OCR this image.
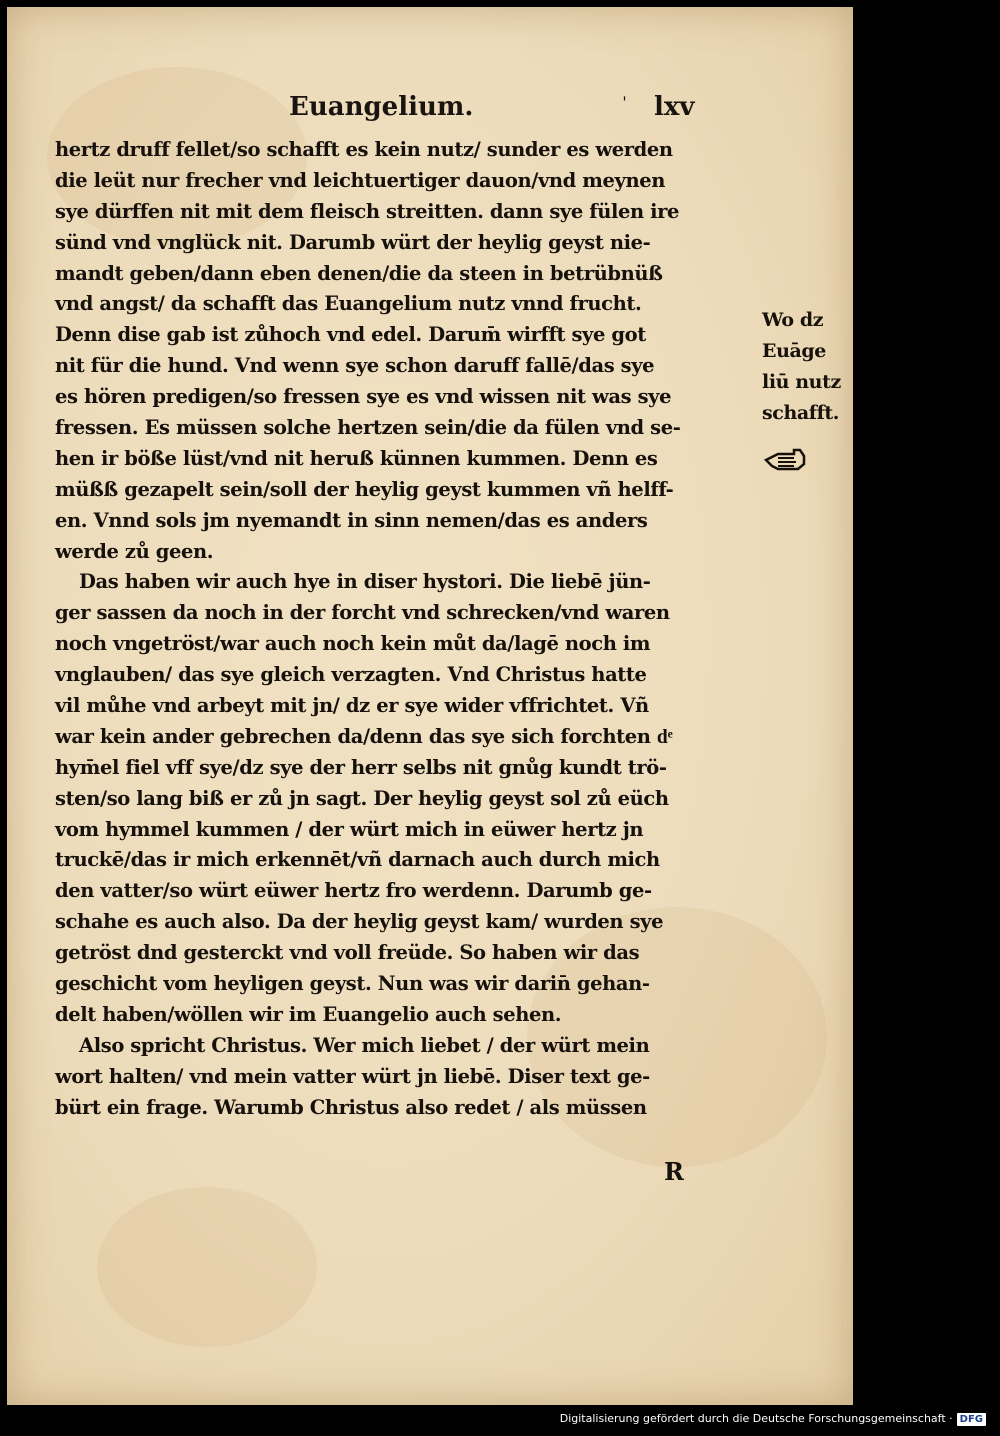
Euangelium.	ˈ lxv
hertz druff fellet/so schafft es kein nutz/ sunder es werden
die leüt nur frecher vnd leichtuertiger dauon/vnd meynen
sye dürffen nit mit dem fleisch streitten. dann sye fülen ire
sünd vnd vnglück nit. Darumb würt der heylig geyst nie-
mandt geben/dann eben denen/die da steen in betrübnüß
vnd angst/ da schafft das Euangelium nutz vnnd frucht.
Denn dise gab ist zůhoch vnd edel. Darum̄ wirfft sye got
nit für die hund. Vnd wenn sye schon daruff fallē/das sye
es hören predigen/so fressen sye es vnd wissen nit was sye
fressen. Es müssen solche hertzen sein/die da fülen vnd se-
hen ir böße lüst/vnd nit heruß künnen kummen. Denn es
müßß gezapelt sein/soll der heylig geyst kummen vñ helff-
en. Vnnd sols jm nyemandt in sinn nemen/das es anders
werde zů geen.
Das haben wir auch hye in diser hystori. Die liebē jün-
ger sassen da noch in der forcht vnd schrecken/vnd waren
noch vngetröst/war auch noch kein můt da/lagē noch im
vnglauben/ das sye gleich verzagten. Vnd Christus hatte
vil můhe vnd arbeyt mit jn/ dz er sye wider vffrichtet. Vñ
war kein ander gebrechen da/denn das sye sich forchten dͤ
hym̄el fiel vff sye/dz sye der herr selbs nit gnůg kundt trö-
sten/so lang biß er zů jn sagt. Der heylig geyst sol zů eüch
vom hymmel kummen / der würt mich in eüwer hertz jn
truckē/das ir mich erkennēt/vñ darnach auch durch mich
den vatter/so würt eüwer hertz fro werdenn. Darumb ge-
schahe es auch also. Da der heylig geyst kam/ wurden sye
getröst dnd gesterckt vnd voll freüde. So haben wir das
geschicht vom heyligen geyst. Nun was wir darin̄ gehan-
delt haben/wöllen wir im Euangelio auch sehen.
Also spricht Christus. Wer mich liebet / der würt mein
wort halten/ vnd mein vatter würt jn liebē. Diser text ge-
bürt ein frage. Warumb Christus also redet / als müssen
Wo dz
Euāge
liū nutz
schafft.
R
Digitalisierung gefördert durch die Deutsche Forschungsgemeinschaft · DFG
